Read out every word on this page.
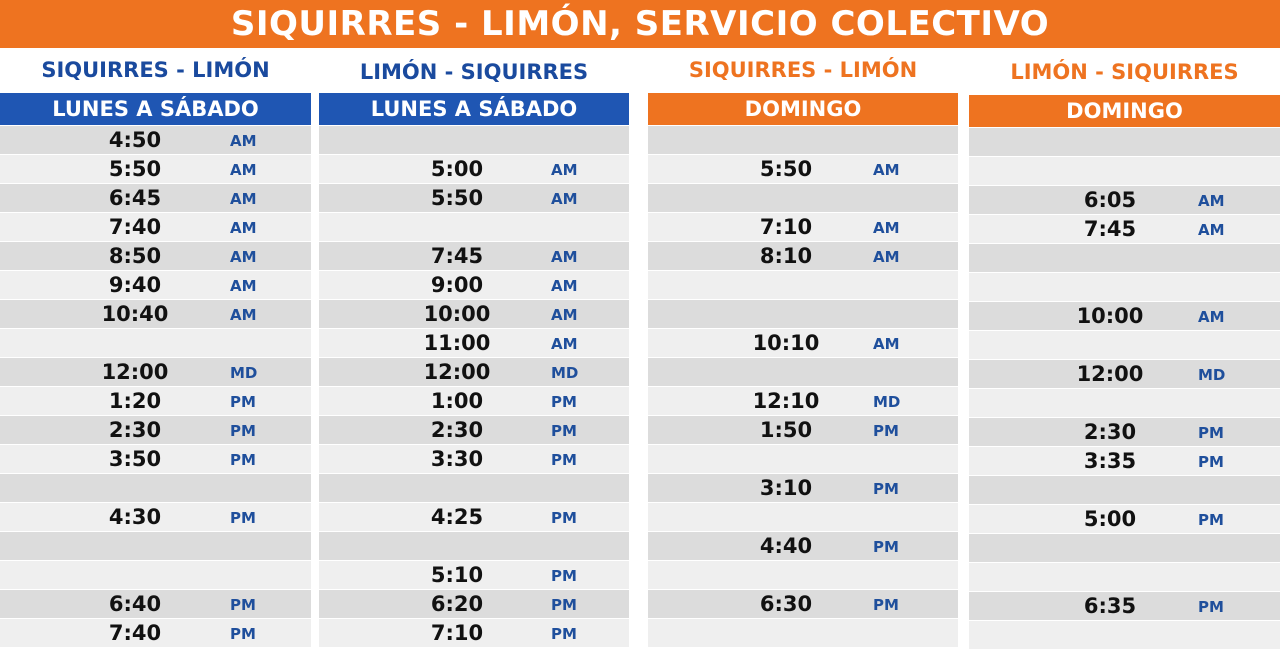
SIQUIRRES - LIMÓN, SERVICIO COLECTIVO
SIQUIRRES - LIMÓN
LUNES A SÁBADO
4:50	AM
5:50	AM
6:45	AM
7:40	AM
8:50	AM
9:40	AM
10:40	AM
12:00	MD
1:20	PM
2:30	PM
3:50	PM
4:30	PM
6:40	PM
7:40	PM
LIMÓN - SIQUIRRES
LUNES A SÁBADO
5:00	AM
5:50	AM
7:45	AM
9:00	AM
10:00	AM
11:00	AM
12:00	MD
1:00	PM
2:30	PM
3:30	PM
4:25	PM
5:10	PM
6:20	PM
7:10	PM
SIQUIRRES - LIMÓN
DOMINGO
5:50	AM
7:10	AM
8:10	AM
10:10	AM
12:10	MD
1:50	PM
3:10	PM
4:40	PM
6:30	PM
LIMÓN - SIQUIRRES
DOMINGO
6:05	AM
7:45	AM
10:00	AM
12:00	MD
2:30	PM
3:35	PM
5:00	PM
6:35	PM
